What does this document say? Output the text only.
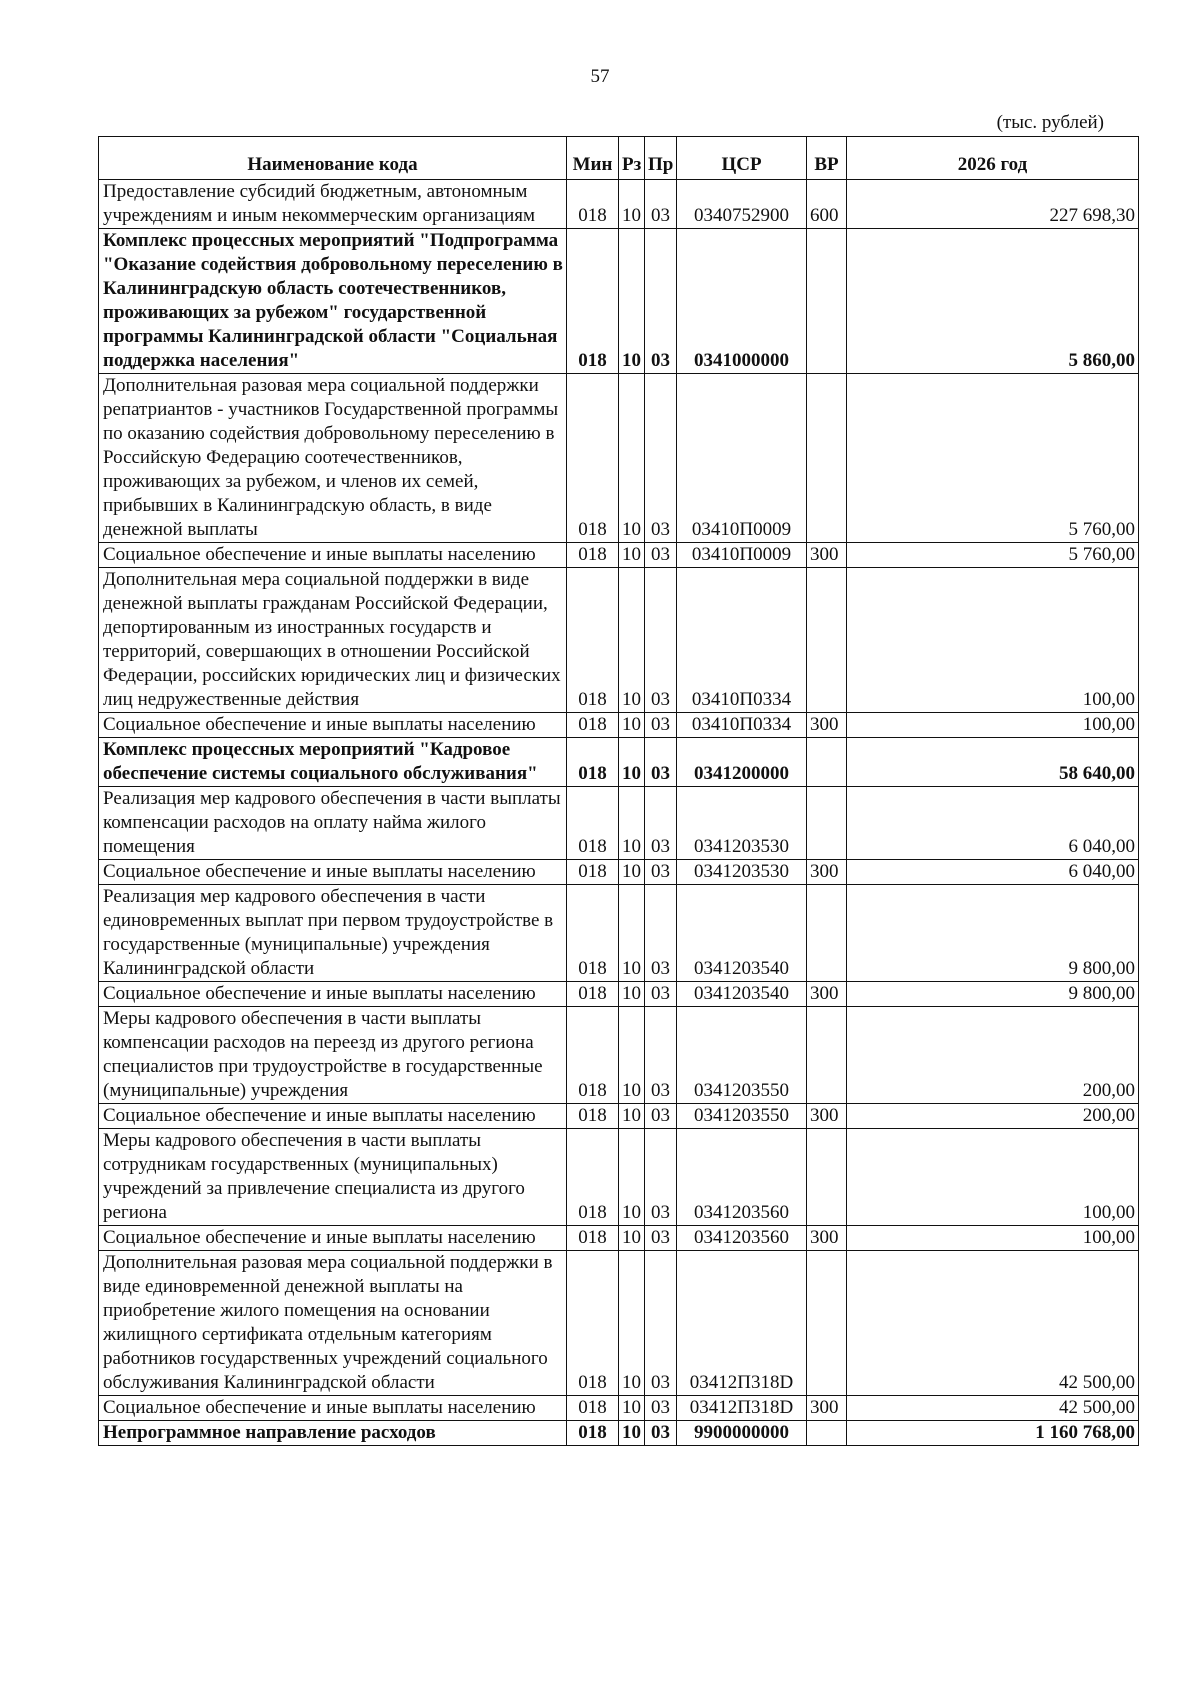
57
(тыс. рублей)
Наименование кода	Мин	Рз	Пр	ЦСР	ВР	2026 год
Предоставление субсидий бюджетным, автономным учреждениям и иным некоммерческим организациям	018	10	03	0340752900	600	227 698,30
Комплекс процессных мероприятий "Подпрограмма "Оказание содействия добровольному переселению в Калининградскую область соотечественников, проживающих за рубежом" государственной программы Калининградской области "Социальная поддержка населения"	018	10	03	0341000000		5 860,00
Дополнительная разовая мера социальной поддержки репатриантов - участников Государственной программы по оказанию содействия добровольному переселению в Российскую Федерацию соотечественников, проживающих за рубежом, и членов их семей, прибывших в Калининградскую область, в виде денежной выплаты	018	10	03	03410П0009		5 760,00
Социальное обеспечение и иные выплаты населению	018	10	03	03410П0009	300	5 760,00
Дополнительная мера социальной поддержки в виде денежной выплаты гражданам Российской Федерации, депортированным из иностранных государств и территорий, совершающих в отношении Российской Федерации, российских юридических лиц и физических лиц недружественные действия	018	10	03	03410П0334		100,00
Социальное обеспечение и иные выплаты населению	018	10	03	03410П0334	300	100,00
Комплекс процессных мероприятий "Кадровое обеспечение системы социального обслуживания"	018	10	03	0341200000		58 640,00
Реализация мер кадрового обеспечения в части выплаты компенсации расходов на оплату найма жилого помещения	018	10	03	0341203530		6 040,00
Социальное обеспечение и иные выплаты населению	018	10	03	0341203530	300	6 040,00
Реализация мер кадрового обеспечения в части единовременных выплат при первом трудоустройстве в государственные (муниципальные) учреждения Калининградской области	018	10	03	0341203540		9 800,00
Социальное обеспечение и иные выплаты населению	018	10	03	0341203540	300	9 800,00
Меры кадрового обеспечения в части выплаты компенсации расходов на переезд из другого региона специалистов при трудоустройстве в государственные (муниципальные) учреждения	018	10	03	0341203550		200,00
Социальное обеспечение и иные выплаты населению	018	10	03	0341203550	300	200,00
Меры кадрового обеспечения в части выплаты сотрудникам государственных (муниципальных) учреждений за привлечение специалиста из другого региона	018	10	03	0341203560		100,00
Социальное обеспечение и иные выплаты населению	018	10	03	0341203560	300	100,00
Дополнительная разовая мера социальной поддержки в виде единовременной денежной выплаты на приобретение жилого помещения на основании жилищного сертификата отдельным категориям работников государственных учреждений социального обслуживания Калининградской области	018	10	03	03412П318D		42 500,00
Социальное обеспечение и иные выплаты населению	018	10	03	03412П318D	300	42 500,00
Непрограммное направление расходов	018	10	03	9900000000		1 160 768,00
